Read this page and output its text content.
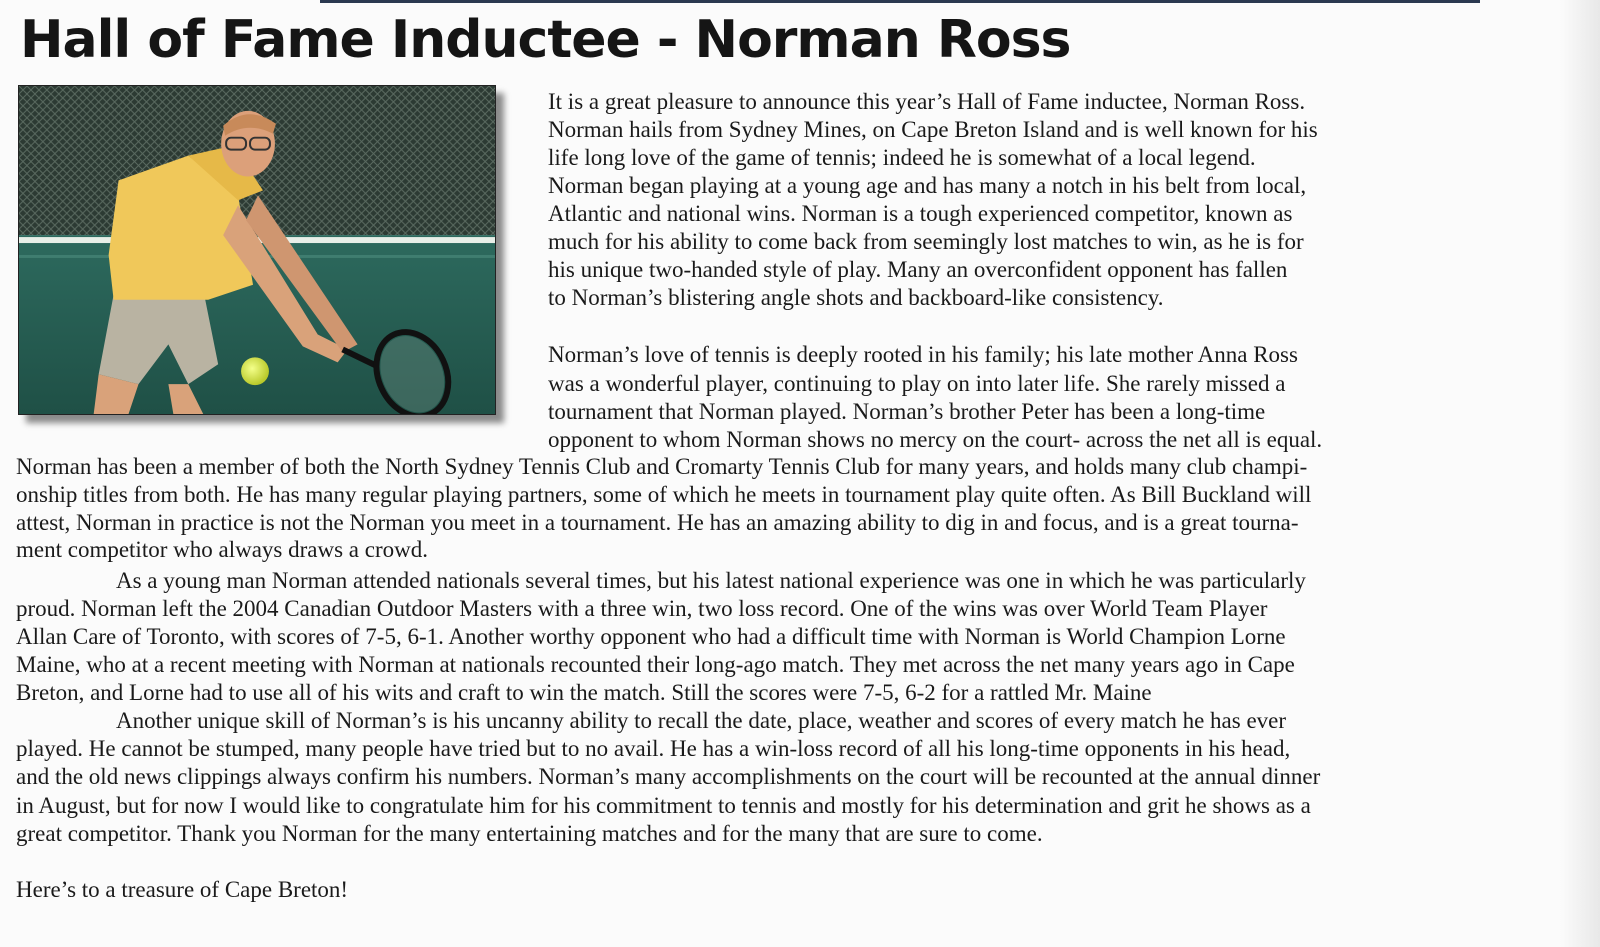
Hall of Fame Inductee - Norman Ross

It is a great pleasure to announce this year’s Hall of Fame inductee, Norman Ross.

Norman hails from Sydney Mines, on Cape Breton Island and is well known for his

life long love of the game of tennis; indeed he is somewhat of a local legend.

Norman began playing at a young age and has many a notch in his belt from local,

Atlantic and national wins. Norman is a tough experienced competitor, known as

much for his ability to come back from seemingly lost matches to win, as he is for

his unique two-handed style of play. Many an overconfident opponent has fallen

to Norman’s blistering angle shots and backboard-like consistency.

Norman’s love of tennis is deeply rooted in his family; his late mother Anna Ross

was a wonderful player, continuing to play on into later life. She rarely missed a

tournament that Norman played. Norman’s brother Peter has been a long-time

opponent to whom Norman shows no mercy on the court- across the net all is equal.

Norman has been a member of both the North Sydney Tennis Club and Cromarty Tennis Club for many years, and holds many club champi-

onship titles from both. He has many regular playing partners, some of which he meets in tournament play quite often. As Bill Buckland will

attest, Norman in practice is not the Norman you meet in a tournament. He has an amazing ability to dig in and focus, and is a great tourna-

ment competitor who always draws a crowd.

As a young man Norman attended nationals several times, but his latest national experience was one in which he was particularly

proud. Norman left the 2004 Canadian Outdoor Masters with a three win, two loss record. One of the wins was over World Team Player

Allan Care of Toronto, with scores of 7-5, 6-1. Another worthy opponent who had a difficult time with Norman is World Champion Lorne

Maine, who at a recent meeting with Norman at nationals recounted their long-ago match. They met across the net many years ago in Cape

Breton, and Lorne had to use all of his wits and craft to win the match. Still the scores were 7-5, 6-2 for a rattled Mr. Maine

Another unique skill of Norman’s is his uncanny ability to recall the date, place, weather and scores of every match he has ever

played. He cannot be stumped, many people have tried but to no avail. He has a win-loss record of all his long-time opponents in his head,

and the old news clippings always confirm his numbers. Norman’s many accomplishments on the court will be recounted at the annual dinner

in August, but for now I would like to congratulate him for his commitment to tennis and mostly for his determination and grit he shows as a

great competitor. Thank you Norman for the many entertaining matches and for the many that are sure to come.

Here’s to a treasure of Cape Breton!
